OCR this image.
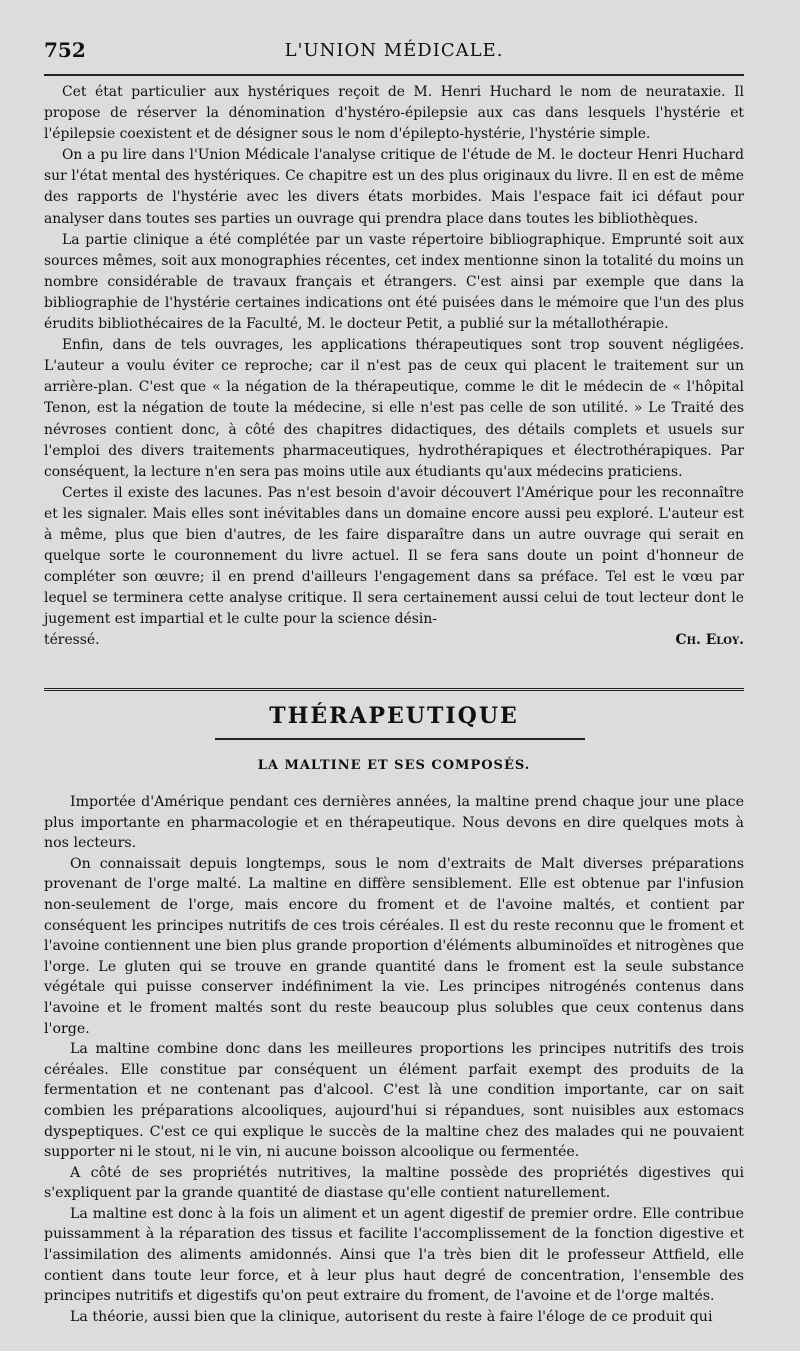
752	L'UNION MÉDICALE.

Cet état particulier aux hystériques reçoit de M. Henri Huchard le nom de neurataxie. Il propose de réserver la dénomination d'hystéro-épilepsie aux cas dans lesquels l'hystérie et l'épilepsie coexistent et de désigner sous le nom d'épilepto-hystérie, l'hystérie simple.

On a pu lire dans l'Union Médicale l'analyse critique de l'étude de M. le docteur Henri Huchard sur l'état mental des hystériques. Ce chapitre est un des plus originaux du livre. Il en est de même des rapports de l'hystérie avec les divers états morbides. Mais l'espace fait ici défaut pour analyser dans toutes ses parties un ouvrage qui prendra place dans toutes les bibliothèques.

La partie clinique a été complétée par un vaste répertoire bibliographique. Emprunté soit aux sources mêmes, soit aux monographies récentes, cet index mentionne sinon la totalité du moins un nombre considérable de travaux français et étrangers. C'est ainsi par exemple que dans la bibliographie de l'hystérie certaines indications ont été puisées dans le mémoire que l'un des plus érudits bibliothécaires de la Faculté, M. le docteur Petit, a publié sur la métallothérapie.

Enfin, dans de tels ouvrages, les applications thérapeutiques sont trop souvent négligées. L'auteur a voulu éviter ce reproche; car il n'est pas de ceux qui placent le traitement sur un arrière-plan. C'est que « la négation de la thérapeutique, comme le dit le médecin de « l'hôpital Tenon, est la négation de toute la médecine, si elle n'est pas celle de son utilité. » Le Traité des névroses contient donc, à côté des chapitres didactiques, des détails complets et usuels sur l'emploi des divers traitements pharmaceutiques, hydrothérapiques et électrothérapiques. Par conséquent, la lecture n'en sera pas moins utile aux étudiants qu'aux médecins praticiens.

Certes il existe des lacunes. Pas n'est besoin d'avoir découvert l'Amérique pour les reconnaître et les signaler. Mais elles sont inévitables dans un domaine encore aussi peu exploré. L'auteur est à même, plus que bien d'autres, de les faire disparaître dans un autre ouvrage qui serait en quelque sorte le couronnement du livre actuel. Il se fera sans doute un point d'honneur de compléter son œuvre; il en prend d'ailleurs l'engagement dans sa préface. Tel est le vœu par lequel se terminera cette analyse critique. Il sera certainement aussi celui de tout lecteur dont le jugement est impartial et le culte pour la science désin-

téressé.	Ch. Eloy.
THÉRAPEUTIQUE
LA MALTINE ET SES COMPOSÉS.

Importée d'Amérique pendant ces dernières années, la maltine prend chaque jour une place plus importante en pharmacologie et en thérapeutique. Nous devons en dire quelques mots à nos lecteurs.

On connaissait depuis longtemps, sous le nom d'extraits de Malt diverses préparations provenant de l'orge malté. La maltine en diffère sensiblement. Elle est obtenue par l'infusion non-seulement de l'orge, mais encore du froment et de l'avoine maltés, et contient par conséquent les principes nutritifs de ces trois céréales. Il est du reste reconnu que le froment et l'avoine contiennent une bien plus grande proportion d'éléments albuminoïdes et nitrogènes que l'orge. Le gluten qui se trouve en grande quantité dans le froment est la seule substance végétale qui puisse conserver indéfiniment la vie. Les principes nitrogénés contenus dans l'avoine et le froment maltés sont du reste beaucoup plus solubles que ceux contenus dans l'orge.

La maltine combine donc dans les meilleures proportions les principes nutritifs des trois céréales. Elle constitue par conséquent un élément parfait exempt des produits de la fermentation et ne contenant pas d'alcool. C'est là une condition importante, car on sait combien les préparations alcooliques, aujourd'hui si répandues, sont nuisibles aux estomacs dyspeptiques. C'est ce qui explique le succès de la maltine chez des malades qui ne pouvaient supporter ni le stout, ni le vin, ni aucune boisson alcoolique ou fermentée.

A côté de ses propriétés nutritives, la maltine possède des propriétés digestives qui s'expliquent par la grande quantité de diastase qu'elle contient naturellement.

La maltine est donc à la fois un aliment et un agent digestif de premier ordre. Elle contribue puissamment à la réparation des tissus et facilite l'accomplissement de la fonction digestive et l'assimilation des aliments amidonnés. Ainsi que l'a très bien dit le professeur Attfield, elle contient dans toute leur force, et à leur plus haut degré de concentration, l'ensemble des principes nutritifs et digestifs qu'on peut extraire du froment, de l'avoine et de l'orge maltés.

La théorie, aussi bien que la clinique, autorisent du reste à faire l'éloge de ce produit qui
